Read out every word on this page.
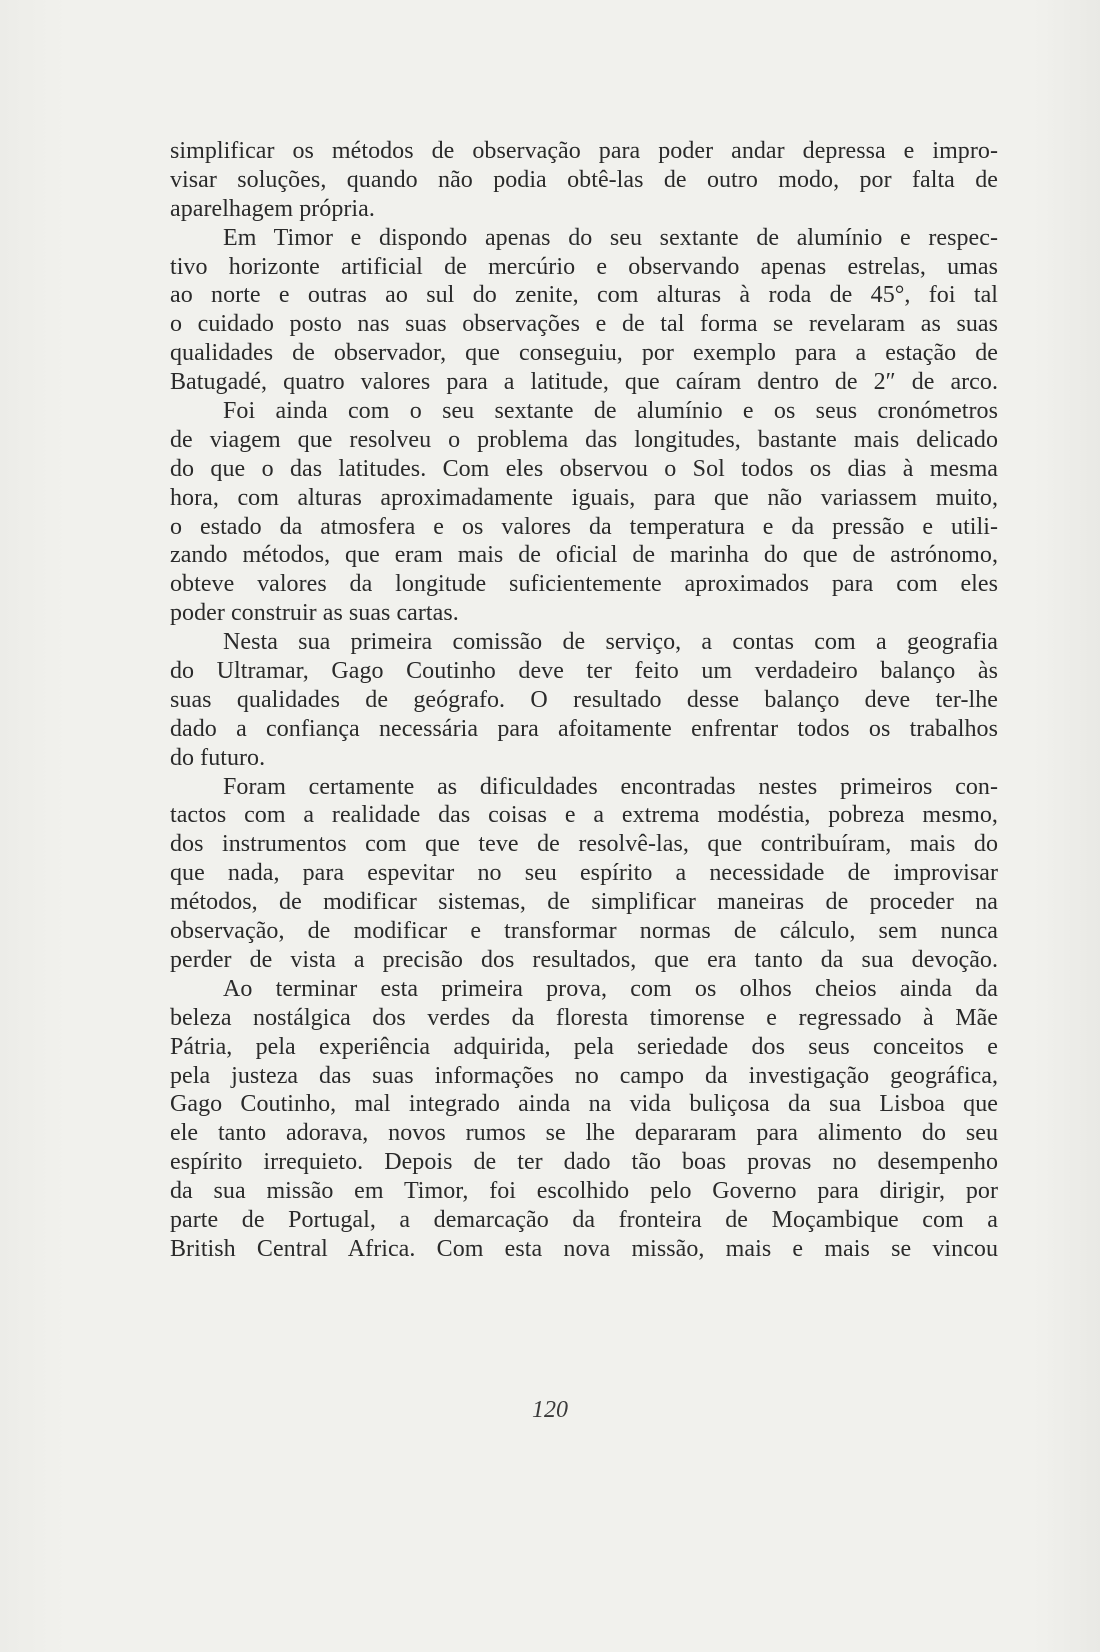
simplificar os métodos de observação para poder andar depressa e impro-
visar soluções, quando não podia obtê-las de outro modo, por falta de
aparelhagem própria.
Em Timor e dispondo apenas do seu sextante de alumínio e respec-
tivo horizonte artificial de mercúrio e observando apenas estrelas, umas
ao norte e outras ao sul do zenite, com alturas à roda de 45°, foi tal
o cuidado posto nas suas observações e de tal forma se revelaram as suas
qualidades de observador, que conseguiu, por exemplo para a estação de
Batugadé, quatro valores para a latitude, que caíram dentro de 2″ de arco.
Foi ainda com o seu sextante de alumínio e os seus cronómetros
de viagem que resolveu o problema das longitudes, bastante mais delicado
do que o das latitudes. Com eles observou o Sol todos os dias à mesma
hora, com alturas aproximadamente iguais, para que não variassem muito,
o estado da atmosfera e os valores da temperatura e da pressão e utili-
zando métodos, que eram mais de oficial de marinha do que de astrónomo,
obteve valores da longitude suficientemente aproximados para com eles
poder construir as suas cartas.
Nesta sua primeira comissão de serviço, a contas com a geografia
do Ultramar, Gago Coutinho deve ter feito um verdadeiro balanço às
suas qualidades de geógrafo. O resultado desse balanço deve ter-lhe
dado a confiança necessária para afoitamente enfrentar todos os trabalhos
do futuro.
Foram certamente as dificuldades encontradas nestes primeiros con-
tactos com a realidade das coisas e a extrema modéstia, pobreza mesmo,
dos instrumentos com que teve de resolvê-las, que contribuíram, mais do
que nada, para espevitar no seu espírito a necessidade de improvisar
métodos, de modificar sistemas, de simplificar maneiras de proceder na
observação, de modificar e transformar normas de cálculo, sem nunca
perder de vista a precisão dos resultados, que era tanto da sua devoção.
Ao terminar esta primeira prova, com os olhos cheios ainda da
beleza nostálgica dos verdes da floresta timorense e regressado à Mãe
Pátria, pela experiência adquirida, pela seriedade dos seus conceitos e
pela justeza das suas informações no campo da investigação geográfica,
Gago Coutinho, mal integrado ainda na vida buliçosa da sua Lisboa que
ele tanto adorava, novos rumos se lhe depararam para alimento do seu
espírito irrequieto. Depois de ter dado tão boas provas no desempenho
da sua missão em Timor, foi escolhido pelo Governo para dirigir, por
parte de Portugal, a demarcação da fronteira de Moçambique com a
British Central Africa. Com esta nova missão, mais e mais se vincou
120
